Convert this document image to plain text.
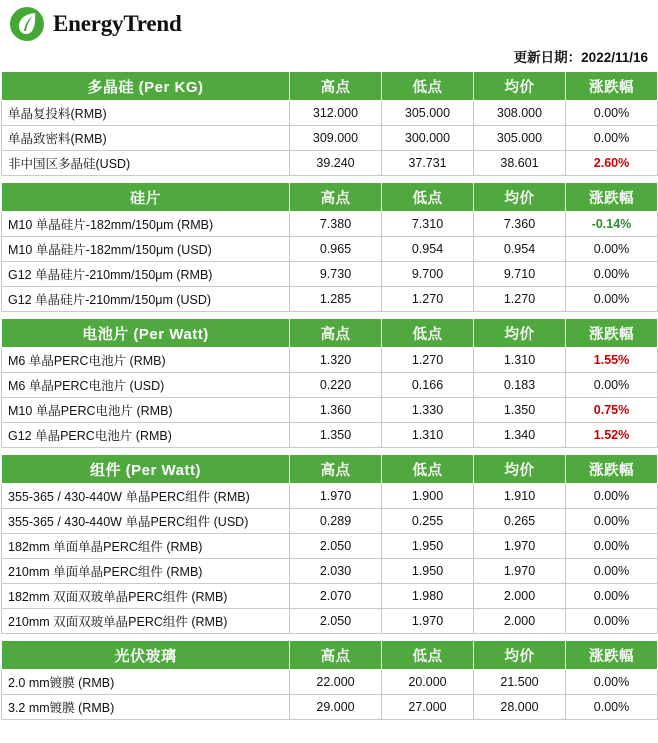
EnergyTrend
更新日期：2022/11/16
多晶硅 (Per KG)	高点	低点	均价	涨跌幅
单晶复投料(RMB)	312.000	305.000	308.000	0.00%
单晶致密料(RMB)	309.000	300.000	305.000	0.00%
非中国区多晶硅(USD)	39.240	37.731	38.601	2.60%

硅片	高点	低点	均价	涨跌幅
M10 单晶硅片-182mm/150μm (RMB)	7.380	7.310	7.360	-0.14%
M10 单晶硅片-182mm/150μm (USD)	0.965	0.954	0.954	0.00%
G12 单晶硅片-210mm/150μm (RMB)	9.730	9.700	9.710	0.00%
G12 单晶硅片-210mm/150μm (USD)	1.285	1.270	1.270	0.00%

电池片 (Per Watt)	高点	低点	均价	涨跌幅
M6 单晶PERC电池片 (RMB)	1.320	1.270	1.310	1.55%
M6 单晶PERC电池片 (USD)	0.220	0.166	0.183	0.00%
M10 单晶PERC电池片 (RMB)	1.360	1.330	1.350	0.75%
G12 单晶PERC电池片 (RMB)	1.350	1.310	1.340	1.52%

组件 (Per Watt)	高点	低点	均价	涨跌幅
355-365 / 430-440W 单晶PERC组件 (RMB)	1.970	1.900	1.910	0.00%
355-365 / 430-440W 单晶PERC组件 (USD)	0.289	0.255	0.265	0.00%
182mm 单面单晶PERC组件 (RMB)	2.050	1.950	1.970	0.00%
210mm 单面单晶PERC组件 (RMB)	2.030	1.950	1.970	0.00%
182mm 双面双玻单晶PERC组件 (RMB)	2.070	1.980	2.000	0.00%
210mm 双面双玻单晶PERC组件 (RMB)	2.050	1.970	2.000	0.00%

光伏玻璃	高点	低点	均价	涨跌幅
2.0 mm镀膜 (RMB)	22.000	20.000	21.500	0.00%
3.2 mm镀膜 (RMB)	29.000	27.000	28.000	0.00%
